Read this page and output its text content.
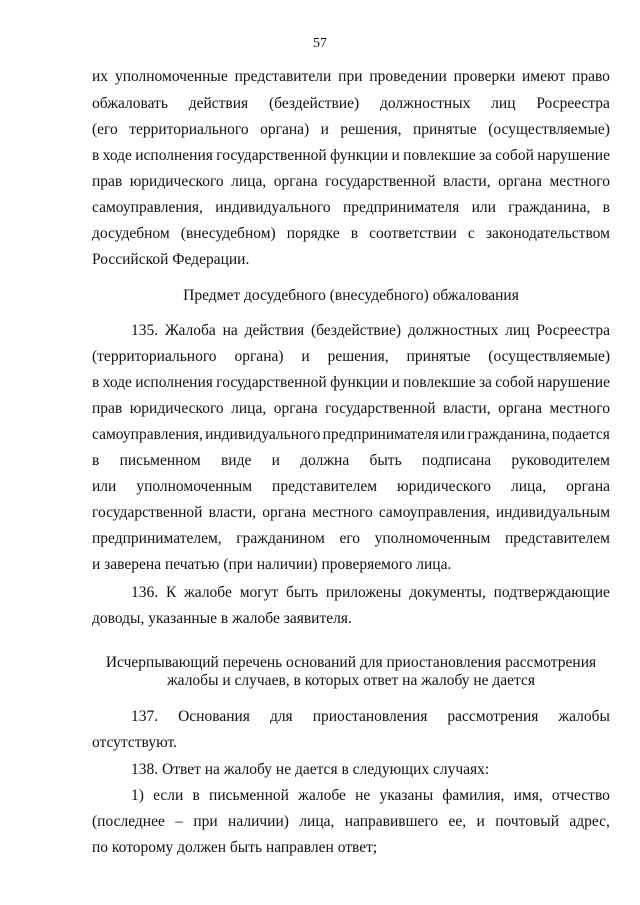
57
их уполномоченные представители при проведении проверки имеют право
обжаловать действия (бездействие) должностных лиц Росреестра
(его территориального органа) и решения, принятые (осуществляемые)
в ходе исполнения государственной функции и повлекшие за собой нарушение
прав юридического лица, органа государственной власти, органа местного
самоуправления, индивидуального предпринимателя или гражданина, в
досудебном (внесудебном) порядке в соответствии с законодательством
Российской Федерации.
Предмет досудебного (внесудебного) обжалования
135. Жалоба на действия (бездействие) должностных лиц Росреестра
(территориального органа) и решения, принятые (осуществляемые)
в ходе исполнения государственной функции и повлекшие за собой нарушение
прав юридического лица, органа государственной власти, органа местного
самоуправления, индивидуального предпринимателя или гражданина, подается
в письменном виде и должна быть подписана руководителем
или уполномоченным представителем юридического лица, органа
государственной власти, органа местного самоуправления, индивидуальным
предпринимателем, гражданином его уполномоченным представителем
и заверена печатью (при наличии) проверяемого лица.
136. К жалобе могут быть приложены документы, подтверждающие
доводы, указанные в жалобе заявителя.
Исчерпывающий перечень оснований для приостановления рассмотрения
жалобы и случаев, в которых ответ на жалобу не дается
137. Основания для приостановления рассмотрения жалобы
отсутствуют.
138. Ответ на жалобу не дается в следующих случаях:
1) если в письменной жалобе не указаны фамилия, имя, отчество
(последнее – при наличии) лица, направившего ее, и почтовый адрес,
по которому должен быть направлен ответ;
